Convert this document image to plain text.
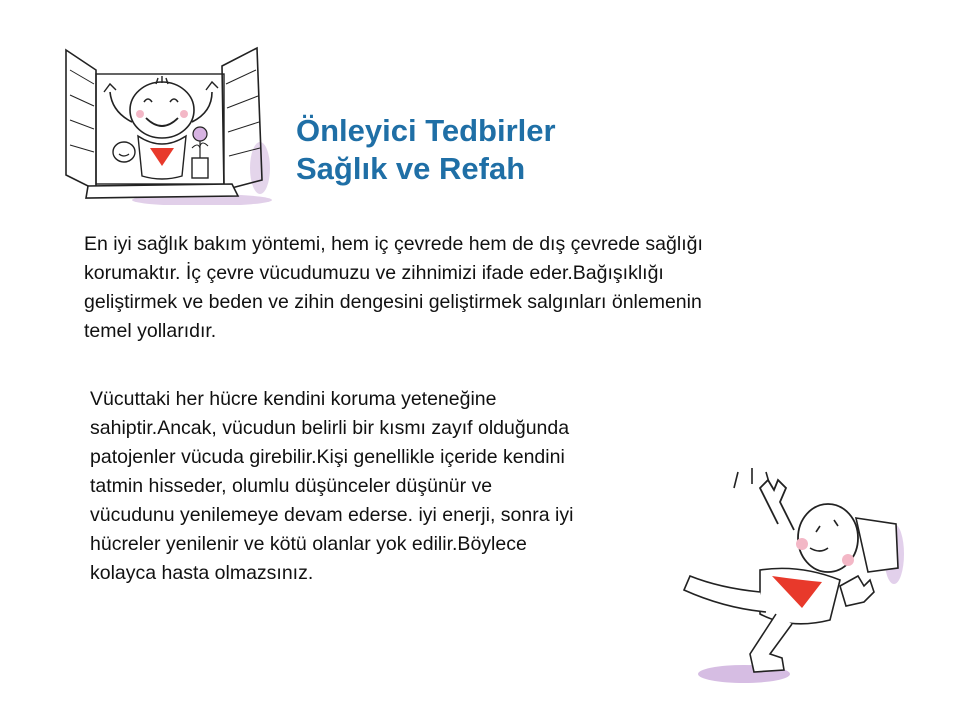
Önleyici Tedbirler
Sağlık ve Refah
En iyi sağlık bakım yöntemi, hem iç çevrede hem de dış çevrede sağlığı
korumaktır. İç çevre vücudumuzu ve zihnimizi ifade eder.Bağışıklığı
geliştirmek ve beden ve zihin dengesini geliştirmek salgınları önlemenin
temel yollarıdır.
Vücuttaki her hücre kendini koruma yeteneğine
sahiptir.Ancak, vücudun belirli bir kısmı zayıf olduğunda
patojenler vücuda girebilir.Kişi genellikle içeride kendini
tatmin hisseder, olumlu düşünceler düşünür ve
vücudunu yenilemeye devam ederse. iyi enerji, sonra iyi
hücreler yenilenir ve kötü olanlar yok edilir.Böylece
kolayca hasta olmazsınız.
